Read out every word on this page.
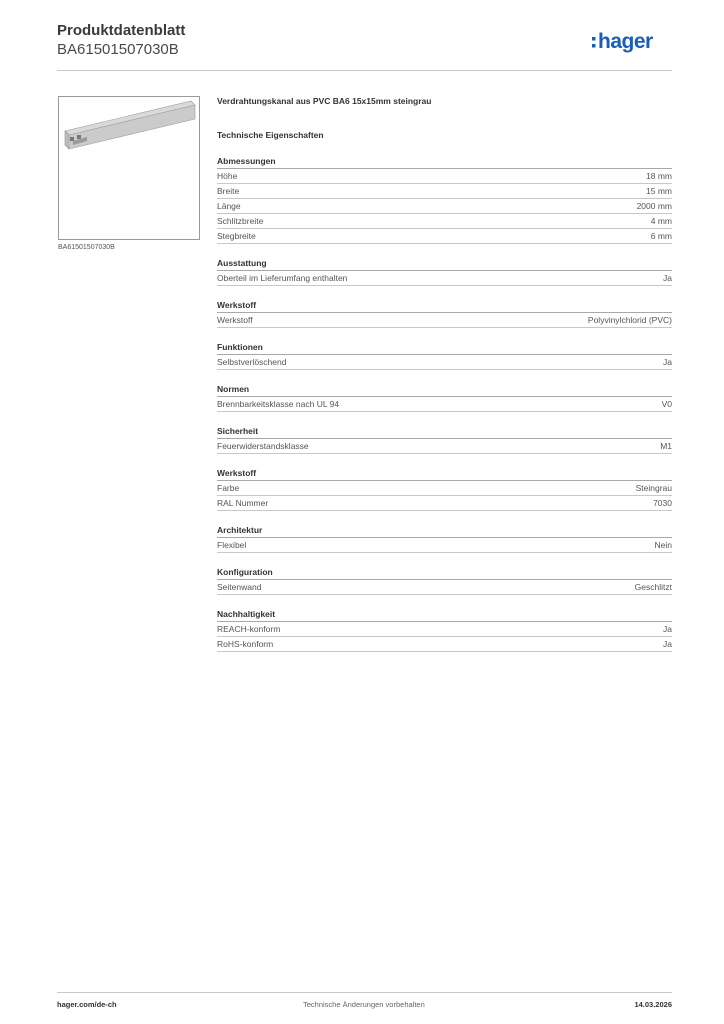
Produktdatenblatt
BA61501507030B	hager
BA61501507030B
Verdrahtungskanal aus PVC BA6 15x15mm steingrau
Technische Eigenschaften
Abmessungen
Höhe	18 mm
Breite	15 mm
Länge	2000 mm
Schlitzbreite	4 mm
Stegbreite	6 mm
Ausstattung
Oberteil im Lieferumfang enthalten	Ja
Werkstoff
Werkstoff	Polyvinylchlorid (PVC)
Funktionen
Selbstverlöschend	Ja
Normen
Brennbarkeitsklasse nach UL 94	V0
Sicherheit
Feuerwiderstandsklasse	M1
Werkstoff
Farbe	Steingrau
RAL Nummer	7030
Architektur
Flexibel	Nein
Konfiguration
Seitenwand	Geschlitzt
Nachhaltigkeit
REACH-konform	Ja
RoHS-konform	Ja
hager.com/de-ch	Technische Änderungen vorbehalten	14.03.2026
